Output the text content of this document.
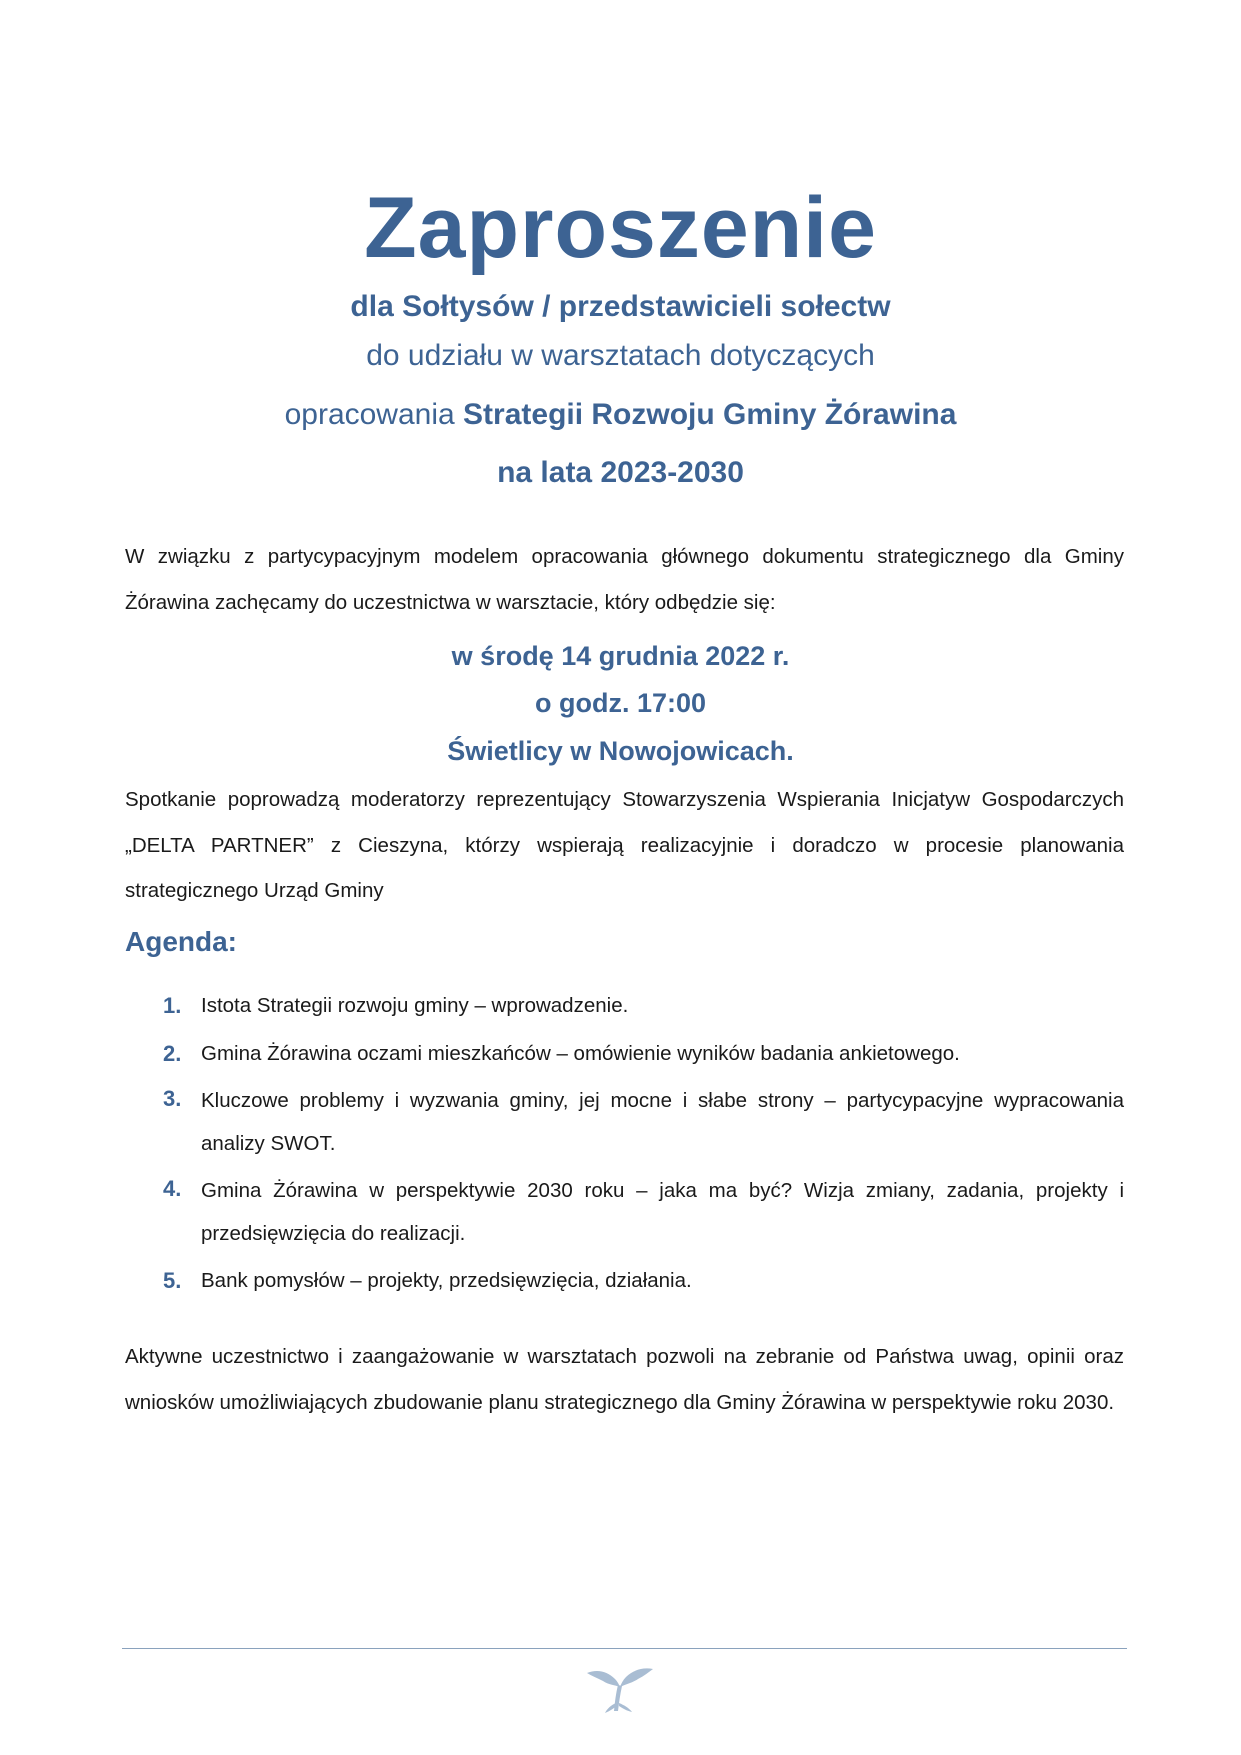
Zaproszenie
dla Sołtysów / przedstawicieli sołectw
do udziału w warsztatach dotyczących
opracowania Strategii Rozwoju Gminy Żórawina
na lata 2023-2030

W związku z partycypacyjnym modelem opracowania głównego dokumentu strategicznego dla Gminy Żórawina zachęcamy do uczestnictwa w warsztacie, który odbędzie się:

w środę 14 grudnia 2022 r.
o godz. 17:00
Świetlicy w Nowojowicach.

Spotkanie poprowadzą moderatorzy reprezentujący Stowarzyszenia Wspierania Inicjatyw Gospodarczych „DELTA PARTNER” z Cieszyna, którzy wspierają realizacyjnie i doradczo w procesie planowania strategicznego Urząd Gminy

Agenda:
1. Istota Strategii rozwoju gminy – wprowadzenie.
2. Gmina Żórawina oczami mieszkańców – omówienie wyników badania ankietowego.
3. Kluczowe problemy i wyzwania gminy, jej mocne i słabe strony – partycypacyjne wypracowania analizy SWOT.
4. Gmina Żórawina w perspektywie 2030 roku – jaka ma być? Wizja zmiany, zadania, projekty i przedsięwzięcia do realizacji.
5. Bank pomysłów – projekty, przedsięwzięcia, działania.

Aktywne uczestnictwo i zaangażowanie w warsztatach pozwoli na zebranie od Państwa uwag, opinii oraz wniosków umożliwiających zbudowanie planu strategicznego dla Gminy Żórawina w perspektywie roku 2030.
